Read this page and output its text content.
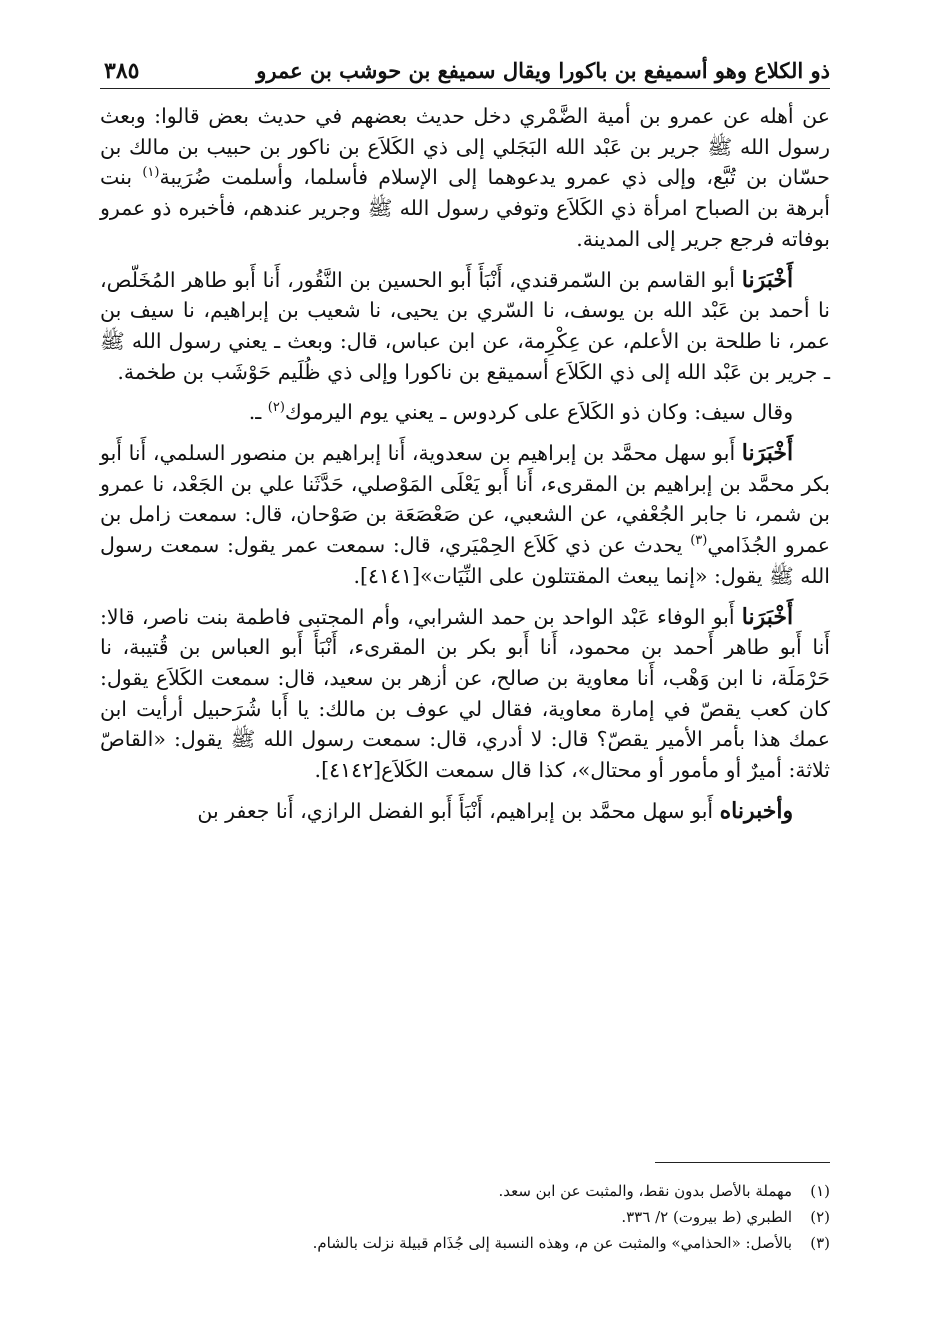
ذو الكلاع وهو أسميفع بن باكورا ويقال سميفع بن حوشب بن عمرو
٣٨٥

عن أهله عن عمرو بن أمية الضَّمْري دخل حديث بعضهم في حديث بعض قالوا: وبعث رسول الله ﷺ جرير بن عَبْد الله البَجَلي إلى ذي الكَلاَع بن ناكور بن حبيب بن مالك بن حسّان بن تُبَّع، وإلى ذي عمرو يدعوهما إلى الإسلام فأسلما، وأسلمت ضُرَيبة$^{(١)}$ بنت أبرهة بن الصباح امرأة ذي الكَلاَع وتوفي رسول الله ﷺ وجرير عندهم، فأخبره ذو عمرو بوفاته فرجع جرير إلى المدينة.

أَخْبَرَنا أبو القاسم بن السّمرقندي، أَنْبَأَ أَبو الحسين بن النَّقُور، أَنا أَبو طاهر المُخَلّص، نا أحمد بن عَبْد الله بن يوسف، نا السّري بن يحيى، نا شعيب بن إبراهيم، نا سيف بن عمر، نا طلحة بن الأعلم، عن عِكْرِمة، عن ابن عباس، قال: وبعث ـ يعني رسول الله ﷺ ـ جرير بن عَبْد الله إلى ذي الكَلاَع أسميقع بن ناكورا وإلى ذي ظُلَيم حَوْشَب بن طخمة.

وقال سيف: وكان ذو الكَلاَع على كردوس ـ يعني يوم اليرموك$^{(٢)}$ ـ.

أَخْبَرَنا أَبو سهل محمَّد بن إبراهيم بن سعدوية، أَنا إبراهيم بن منصور السلمي، أَنا أَبو بكر محمَّد بن إبراهيم بن المقرىء، أَنا أَبو يَعْلَى المَوْصلي، حَدَّثَنا علي بن الجَعْد، نا عمرو بن شمر، نا جابر الجُعْفي، عن الشعبي، عن صَعْصَعَة بن صَوْحان، قال: سمعت زامل بن عمرو الجُذَامي$^{(٣)}$ يحدث عن ذي كَلاَع الحِمْيَري، قال: سمعت عمر يقول: سمعت رسول الله ﷺ يقول: «إنما يبعث المقتتلون على النِّيَات»[٤١٤١].

أَخْبَرَنا أَبو الوفاء عَبْد الواحد بن حمد الشرابي، وأم المجتبى فاطمة بنت ناصر، قالا: أَنا أَبو طاهر أَحمد بن محمود، أَنا أَبو بكر بن المقرىء، أَنْبَأَ أَبو العباس بن قُتيبة، نا حَرْمَلَة، نا ابن وَهْب، أَنا معاوية بن صالح، عن أزهر بن سعيد، قال: سمعت الكَلاَع يقول: كان كعب يقصّ في إمارة معاوية، فقال لي عوف بن مالك: يا أَبا شُرَحبيل أرأيت ابن عمك هذا بأمر الأمير يقصّ؟ قال: لا أدري، قال: سمعت رسول الله ﷺ يقول: «القاصّ ثلاثة: أميرٌ أو مأمور أو محتال»، كذا قال سمعت الكَلاَع[٤١٤٢].

وأخبرناه أَبو سهل محمَّد بن إبراهيم، أَنْبَأَ أَبو الفضل الرازي، أَنا جعفر بن

(١)
مهملة بالأصل بدون نقط، والمثبت عن ابن سعد.
(٢)
الطبري (ط بيروت) ٢/ ٣٣٦.
(٣)
بالأصل: «الحذامي» والمثبت عن م، وهذه النسبة إلى جُذَام قبيلة نزلت بالشام.
